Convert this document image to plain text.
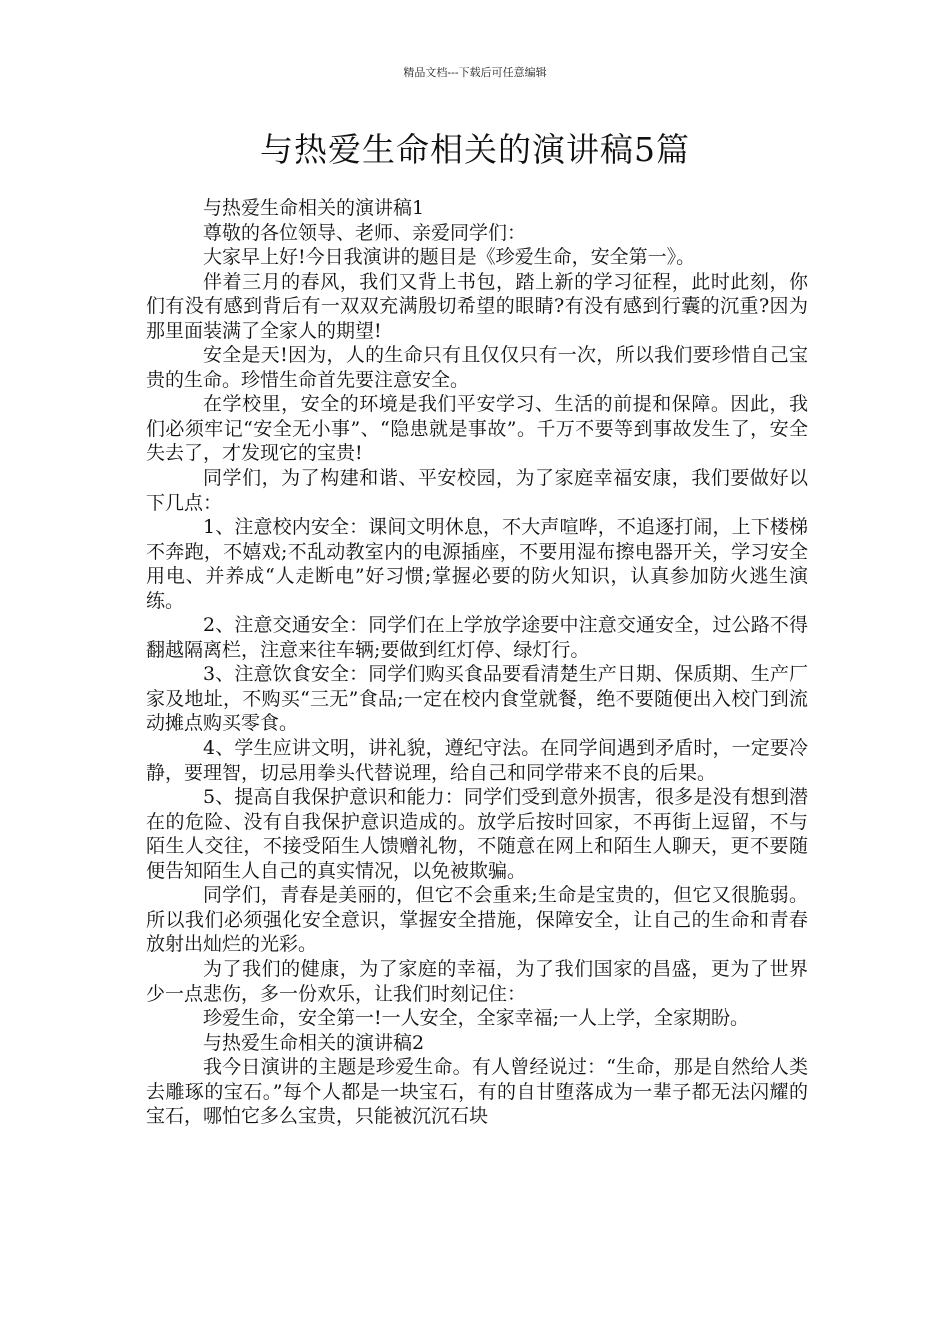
精品文档---下载后可任意编辑
与热爱生命相关的演讲稿5篇

与热爱生命相关的演讲稿1

尊敬的各位领导、老师、亲爱同学们：

大家早上好!今日我演讲的题目是《珍爱生命，安全第一》。

伴着三月的春风，我们又背上书包，踏上新的学习征程，此时此刻，你们有没有感到背后有一双双充满殷切希望的眼睛?有没有感到行囊的沉重?因为那里面装满了全家人的期望!

安全是天!因为，人的生命只有且仅仅只有一次，所以我们要珍惜自己宝贵的生命。珍惜生命首先要注意安全。

在学校里，安全的环境是我们平安学习、生活的前提和保障。因此，我们必须牢记“安全无小事”、“隐患就是事故”。千万不要等到事故发生了，安全失去了，才发现它的宝贵!

同学们，为了构建和谐、平安校园，为了家庭幸福安康，我们要做好以下几点：

1、注意校内安全：课间文明休息，不大声喧哗，不追逐打闹，上下楼梯不奔跑，不嬉戏;不乱动教室内的电源插座，不要用湿布擦电器开关，学习安全用电、并养成“人走断电”好习惯;掌握必要的防火知识，认真参加防火逃生演练。

2、注意交通安全：同学们在上学放学途要中注意交通安全，过公路不得翻越隔离栏，注意来往车辆;要做到红灯停、绿灯行。

3、注意饮食安全：同学们购买食品要看清楚生产日期、保质期、生产厂家及地址，不购买“三无”食品;一定在校内食堂就餐，绝不要随便出入校门到流动摊点购买零食。

4、学生应讲文明，讲礼貌，遵纪守法。在同学间遇到矛盾时，一定要冷静，要理智，切忌用拳头代替说理，给自己和同学带来不良的后果。

5、提高自我保护意识和能力：同学们受到意外损害，很多是没有想到潜在的危险、没有自我保护意识造成的。放学后按时回家，不再街上逗留，不与陌生人交往，不接受陌生人馈赠礼物，不随意在网上和陌生人聊天，更不要随便告知陌生人自己的真实情况，以免被欺骗。

同学们，青春是美丽的，但它不会重来;生命是宝贵的，但它又很脆弱。所以我们必须强化安全意识，掌握安全措施，保障安全，让自己的生命和青春放射出灿烂的光彩。

为了我们的健康，为了家庭的幸福，为了我们国家的昌盛，更为了世界少一点悲伤，多一份欢乐，让我们时刻记住：

珍爱生命，安全第一!一人安全，全家幸福;一人上学，全家期盼。

与热爱生命相关的演讲稿2

我今日演讲的主题是珍爱生命。有人曾经说过：“生命，那是自然给人类去雕琢的宝石。”每个人都是一块宝石，有的自甘堕落成为一辈子都无法闪耀的宝石，哪怕它多么宝贵，只能被沉沉石块
